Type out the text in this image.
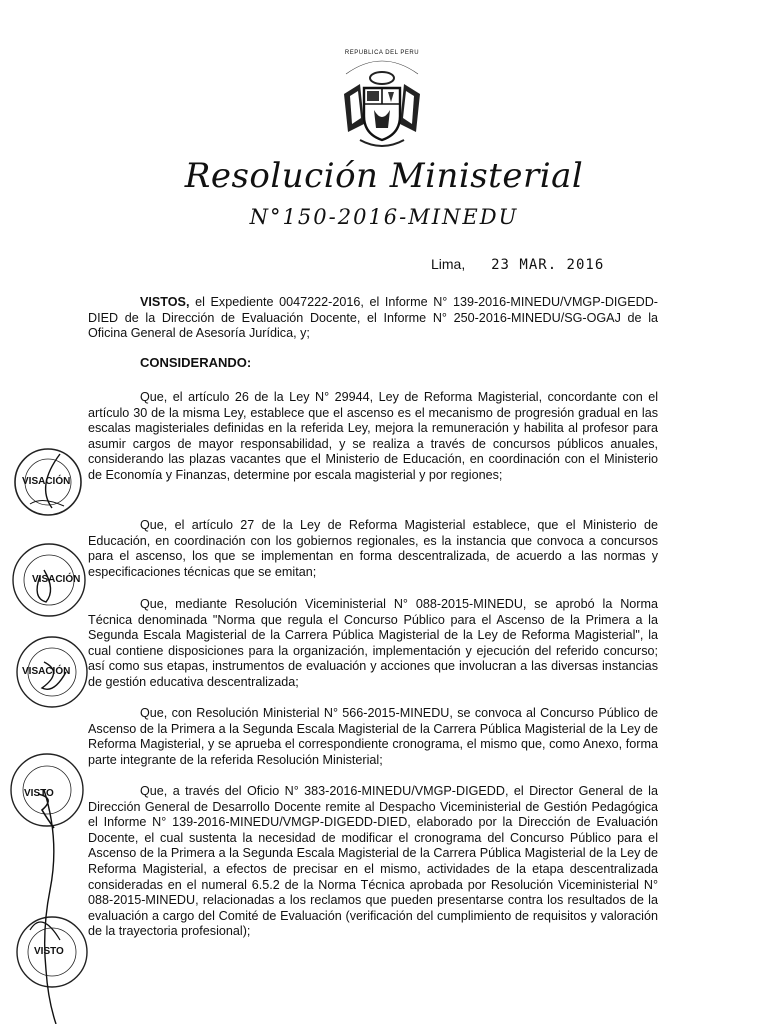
REPUBLICA DEL PERU
Resolución Ministerial
N°150-2016-MINEDU
Lima, 23 MAR. 2016
VISTOS, el Expediente 0047222-2016, el Informe N° 139-2016-MINEDU/VMGP-DIGEDD-DIED de la Dirección de Evaluación Docente, el Informe N° 250-2016-MINEDU/SG-OGAJ de la Oficina General de Asesoría Jurídica, y;
CONSIDERANDO:
Que, el artículo 26 de la Ley N° 29944, Ley de Reforma Magisterial, concordante con el artículo 30 de la misma Ley, establece que el ascenso es el mecanismo de progresión gradual en las escalas magisteriales definidas en la referida Ley, mejora la remuneración y habilita al profesor para asumir cargos de mayor responsabilidad, y se realiza a través de concursos públicos anuales, considerando las plazas vacantes que el Ministerio de Educación, en coordinación con el Ministerio de Economía y Finanzas, determine por escala magisterial y por regiones;
Que, el artículo 27 de la Ley de Reforma Magisterial establece, que el Ministerio de Educación, en coordinación con los gobiernos regionales, es la instancia que convoca a concursos para el ascenso, los que se implementan en forma descentralizada, de acuerdo a las normas y especificaciones técnicas que se emitan;
Que, mediante Resolución Viceministerial N° 088-2015-MINEDU, se aprobó la Norma Técnica denominada "Norma que regula el Concurso Público para el Ascenso de la Primera a la Segunda Escala Magisterial de la Carrera Pública Magisterial de la Ley de Reforma Magisterial", la cual contiene disposiciones para la organización, implementación y ejecución del referido concurso; así como sus etapas, instrumentos de evaluación y acciones que involucran a las diversas instancias de gestión educativa descentralizada;
Que, con Resolución Ministerial N° 566-2015-MINEDU, se convoca al Concurso Público de Ascenso de la Primera a la Segunda Escala Magisterial de la Carrera Pública Magisterial de la Ley de Reforma Magisterial, y se aprueba el correspondiente cronograma, el mismo que, como Anexo, forma parte integrante de la referida Resolución Ministerial;
Que, a través del Oficio N° 383-2016-MINEDU/VMGP-DIGEDD, el Director General de la Dirección General de Desarrollo Docente remite al Despacho Viceministerial de Gestión Pedagógica el Informe N° 139-2016-MINEDU/VMGP-DIGEDD-DIED, elaborado por la Dirección de Evaluación Docente, el cual sustenta la necesidad de modificar el cronograma del Concurso Público para el Ascenso de la Primera a la Segunda Escala Magisterial de la Carrera Pública Magisterial de la Ley de Reforma Magisterial, a efectos de precisar en el mismo, actividades de la etapa descentralizada consideradas en el numeral 6.5.2 de la Norma Técnica aprobada por Resolución Viceministerial N° 088-2015-MINEDU, relacionadas a los reclamos que pueden presentarse contra los resultados de la evaluación a cargo del Comité de Evaluación (verificación del cumplimiento de requisitos y valoración de la trayectoria profesional);
VISACIÓN
VISACIÓN
VISACIÓN
VISTO
VISTO
